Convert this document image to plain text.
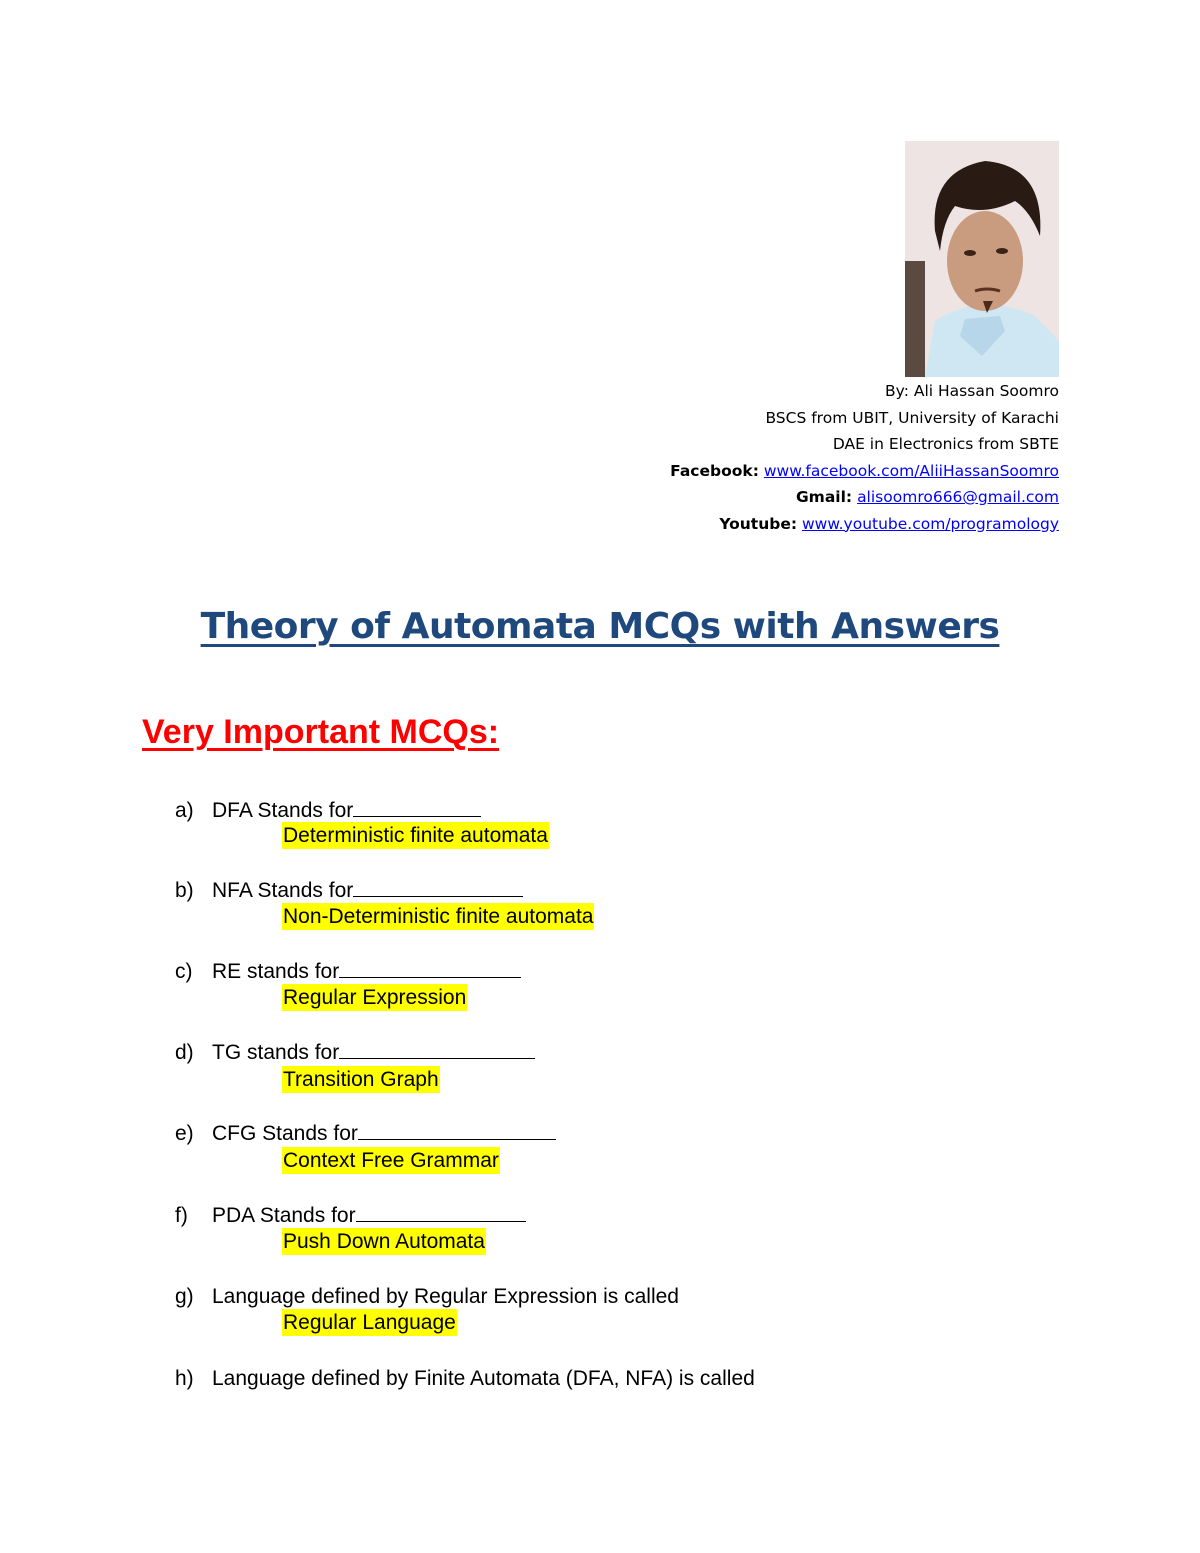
By: Ali Hassan Soomro
BSCS from UBIT, University of Karachi
DAE in Electronics from SBTE
Facebook: www.facebook.com/AliiHassanSoomro
Gmail: alisoomro666@gmail.com
Youtube: www.youtube.com/programology
Theory of Automata MCQs with Answers
Very Important MCQs:
a) DFA Stands for
Deterministic finite automata
b) NFA Stands for
Non-Deterministic finite automata
c) RE stands for
Regular Expression
d) TG stands for
Transition Graph
e) CFG Stands for
Context Free Grammar
f) PDA Stands for
Push Down Automata
g) Language defined by Regular Expression is called
Regular Language
h) Language defined by Finite Automata (DFA, NFA) is called
